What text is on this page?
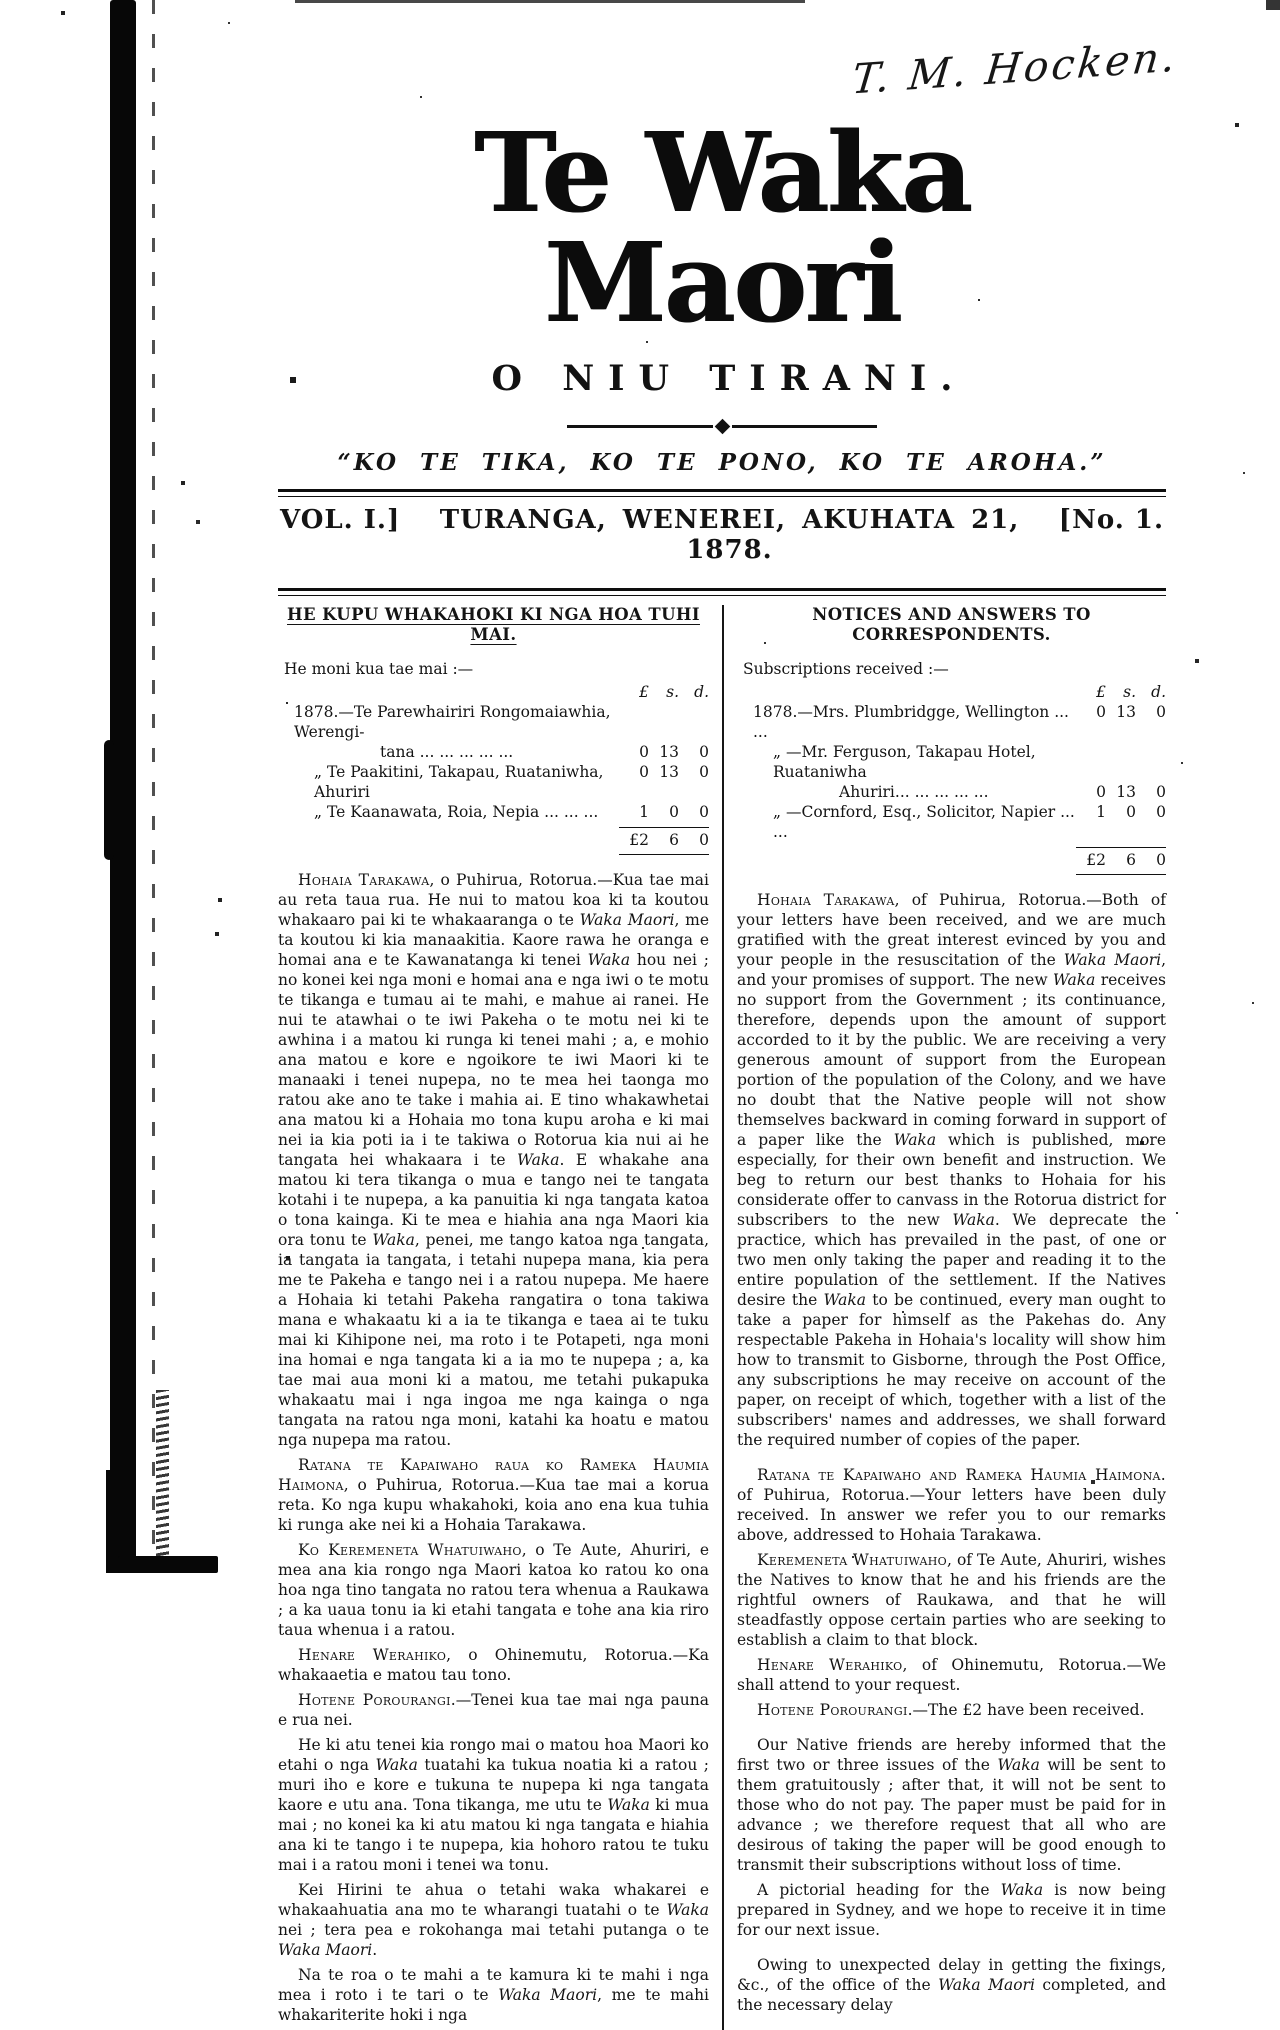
T. M. Hocken.
Te Waka Maori
O NIU TIRANI.
“KO TE TIKA, KO TE PONO, KO TE AROHA.”
VOL. I.]	TURANGA, WENEREI, AKUHATA 21, 1878.
[No. 1.
HE KUPU WHAKAHOKI KI NGA HOA TUHI MAI.

He moni kua tae mai :—

£	s. d.
1878.—Te Parewhairiri Rongomaiawhia, Werengi-
tana ... ... ... ... ...	0 13	0
„ Te Paakitini, Takapau, Ruataniwha, Ahuriri
0 13	0
„ Te Kaanawata, Roia, Nepia ... ... ...	1	0	0
£2	6	0

Hohaia Tarakawa, o Puhirua, Rotorua.—Kua tae mai au reta taua rua. He nui to matou koa ki ta koutou whakaaro pai ki te whakaaranga o te Waka Maori, me ta koutou ki kia manaakitia. Kaore rawa he oranga e homai ana e te Kawanatanga ki tenei Waka hou nei ; no konei kei nga moni e homai ana e nga iwi o te motu te tikanga e tumau ai te mahi, e mahue ai ranei. He nui te atawhai o te iwi Pakeha o te motu nei ki te awhina i a matou ki runga ki tenei mahi ; a, e mohio ana matou e kore e ngoikore te iwi Maori ki te manaaki i tenei nupepa, no te mea hei taonga mo ratou ake ano te take i mahia ai. E tino whakawhetai ana matou ki a Hohaia mo tona kupu aroha e ki mai nei ia kia poti ia i te takiwa o Rotorua kia nui ai he tangata hei whakaara i te Waka. E whakahe ana matou ki tera tikanga o mua e tango nei te tangata kotahi i te nupepa, a ka panuitia ki nga tangata katoa o tona kainga. Ki te mea e hiahia ana nga Maori kia ora tonu te Waka, penei, me tango katoa nga tangata, ia tangata ia tangata, i tetahi nupepa mana, kia pera me te Pakeha e tango nei i a ratou nupepa. Me haere a Hohaia ki tetahi Pakeha rangatira o tona takiwa mana e whakaatu ki a ia te tikanga e taea ai te tuku mai ki Kihipone nei, ma roto i te Potapeti, nga moni ina homai e nga tangata ki a ia mo te nupepa ; a, ka tae mai aua moni ki a matou, me tetahi pukapuka whakaatu mai i nga ingoa me nga kainga o nga tangata na ratou nga moni, katahi ka hoatu e matou nga nupepa ma ratou.

Ratana te Kapaiwaho raua ko Rameka Haumia Haimona, o Puhirua, Rotorua.—Kua tae mai a korua reta. Ko nga kupu whakahoki, koia ano ena kua tuhia ki runga ake nei ki a Hohaia Tarakawa.

Ko Keremeneta Whatuiwaho, o Te Aute, Ahuriri, e mea ana kia rongo nga Maori katoa ko ratou ko ona hoa nga tino tangata no ratou tera whenua a Raukawa ; a ka uaua tonu ia ki etahi tangata e tohe ana kia riro taua whenua i a ratou.

Henare Werahiko, o Ohinemutu, Rotorua.—Ka whakaaetia e matou tau tono.

Hotene Porourangi.—Tenei kua tae mai nga pauna e rua nei.

He ki atu tenei kia rongo mai o matou hoa Maori ko etahi o nga Waka tuatahi ka tukua noatia ki a ratou ; muri iho e kore e tukuna te nupepa ki nga tangata kaore e utu ana. Tona tikanga, me utu te Waka ki mua mai ; no konei ka ki atu matou ki nga tangata e hiahia ana ki te tango i te nupepa, kia hohoro ratou te tuku mai i a ratou moni i tenei wa tonu.

Kei Hirini te ahua o tetahi waka whakarei e whakaahuatia ana mo te wharangi tuatahi o te Waka nei ; tera pea e rokohanga mai tetahi putanga o te Waka Maori.

Na te roa o te mahi a te kamura ki te mahi i nga mea i roto i te tari o te Waka Maori, me te mahi whakariterite hoki i nga

NOTICES AND ANSWERS TO CORRESPONDENTS.

Subscriptions received :—

£	s. d.
1878.—Mrs. Plumbridgge, Wellington ... ...
0 13	0
„ —Mr. Ferguson, Takapau Hotel, Ruataniwha
Ahuriri... ... ... ... ...	0 13	0
„ —Cornford, Esq., Solicitor, Napier ... ...
1	0	0
£2	6	0

Hohaia Tarakawa, of Puhirua, Rotorua.—Both of your letters have been received, and we are much gratified with the great interest evinced by you and your people in the resuscitation of the Waka Maori, and your promises of support. The new Waka receives no support from the Government ; its continuance, therefore, depends upon the amount of support accorded to it by the public. We are receiving a very generous amount of support from the European portion of the population of the Colony, and we have no doubt that the Native people will not show themselves backward in coming forward in support of a paper like the Waka which is published, more especially, for their own benefit and instruction. We beg to return our best thanks to Hohaia for his considerate offer to canvass in the Rotorua district for subscribers to the new Waka. We deprecate the practice, which has prevailed in the past, of one or two men only taking the paper and reading it to the entire population of the settlement. If the Natives desire the Waka to be continued, every man ought to take a paper for himself as the Pakehas do. Any respectable Pakeha in Hohaia's locality will show him how to transmit to Gisborne, through the Post Office, any subscriptions he may receive on account of the paper, on receipt of which, together with a list of the subscribers' names and addresses, we shall forward the required number of copies of the paper.

Ratana te Kapaiwaho and Rameka Haumia Haimona. of Puhirua, Rotorua.—Your letters have been duly received. In answer we refer you to our remarks above, addressed to Hohaia Tarakawa.

Keremeneta Whatuiwaho, of Te Aute, Ahuriri, wishes the Natives to know that he and his friends are the rightful owners of Raukawa, and that he will steadfastly oppose certain parties who are seeking to establish a claim to that block.

Henare Werahiko, of Ohinemutu, Rotorua.—We shall attend to your request.

Hotene Porourangi.—The £2 have been received.

Our Native friends are hereby informed that the first two or three issues of the Waka will be sent to them gratuitously ; after that, it will not be sent to those who do not pay. The paper must be paid for in advance ; we therefore request that all who are desirous of taking the paper will be good enough to transmit their subscriptions without loss of time.

A pictorial heading for the Waka is now being prepared in Sydney, and we hope to receive it in time for our next issue.

Owing to unexpected delay in getting the fixings, &c., of the office of the Waka Maori completed, and the necessary delay
